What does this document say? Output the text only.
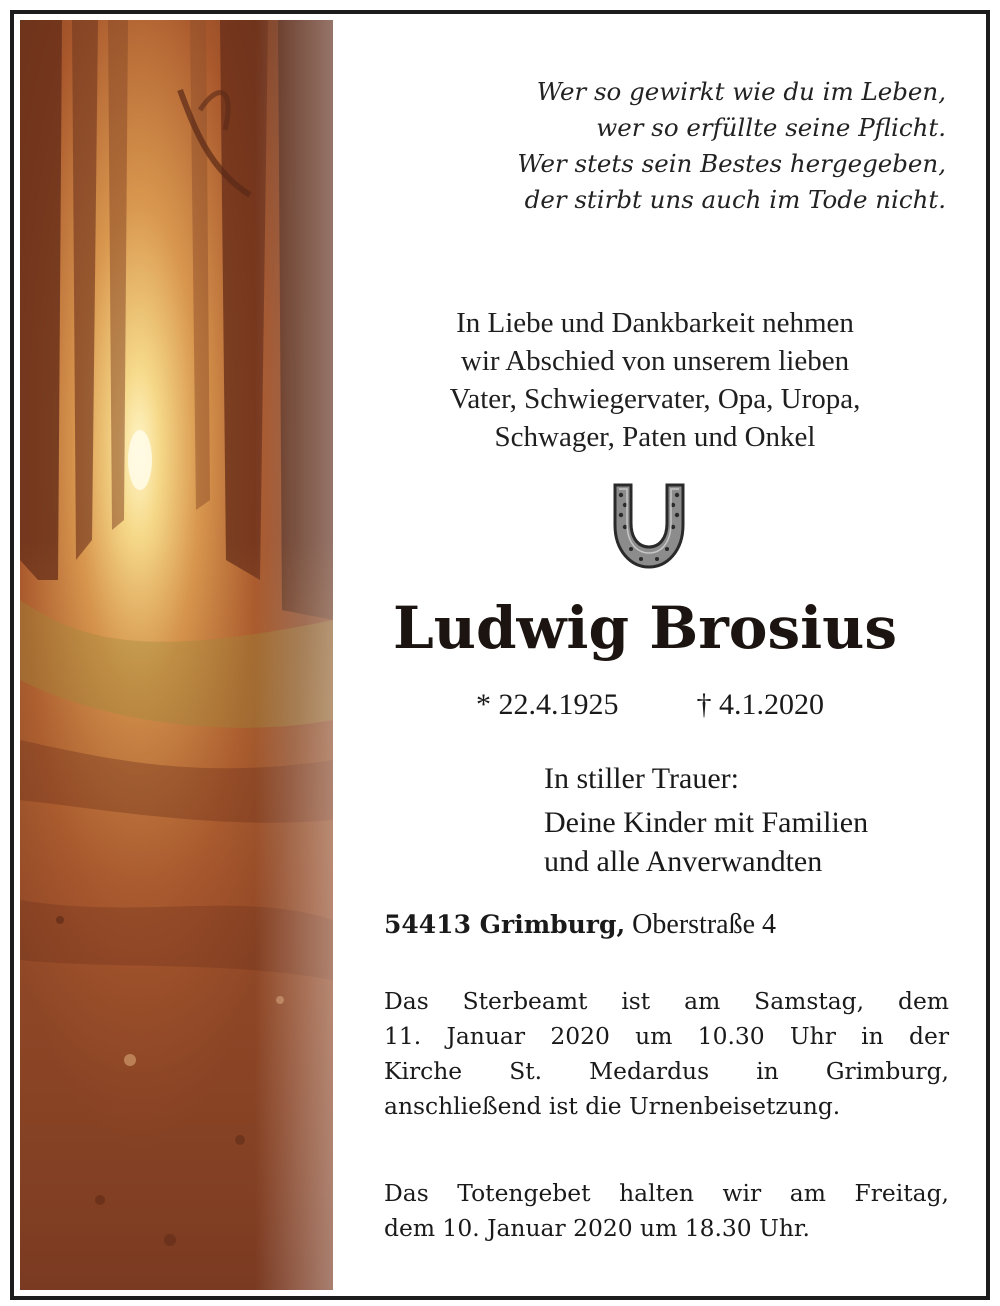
Wer so gewirkt wie du im Leben,
wer so erfüllte seine Pflicht.
Wer stets sein Bestes hergegeben,
der stirbt uns auch im Tode nicht.
In Liebe und Dankbarkeit nehmen
wir Abschied von unserem lieben
Vater, Schwiegervater, Opa, Uropa,
Schwager, Paten und Onkel
Ludwig Brosius
* 22.4.1925	† 4.1.2020
In stiller Trauer:
Deine Kinder mit Familien
und alle Anverwandten
54413 Grimburg, Oberstraße 4
Das Sterbeamt ist am Samstag, dem
11. Januar 2020 um 10.30 Uhr in der
Kirche St. Medardus in Grimburg,
anschließend ist die Urnenbeisetzung.
Das Totengebet halten wir am Freitag,
dem 10. Januar 2020 um 18.30 Uhr.
